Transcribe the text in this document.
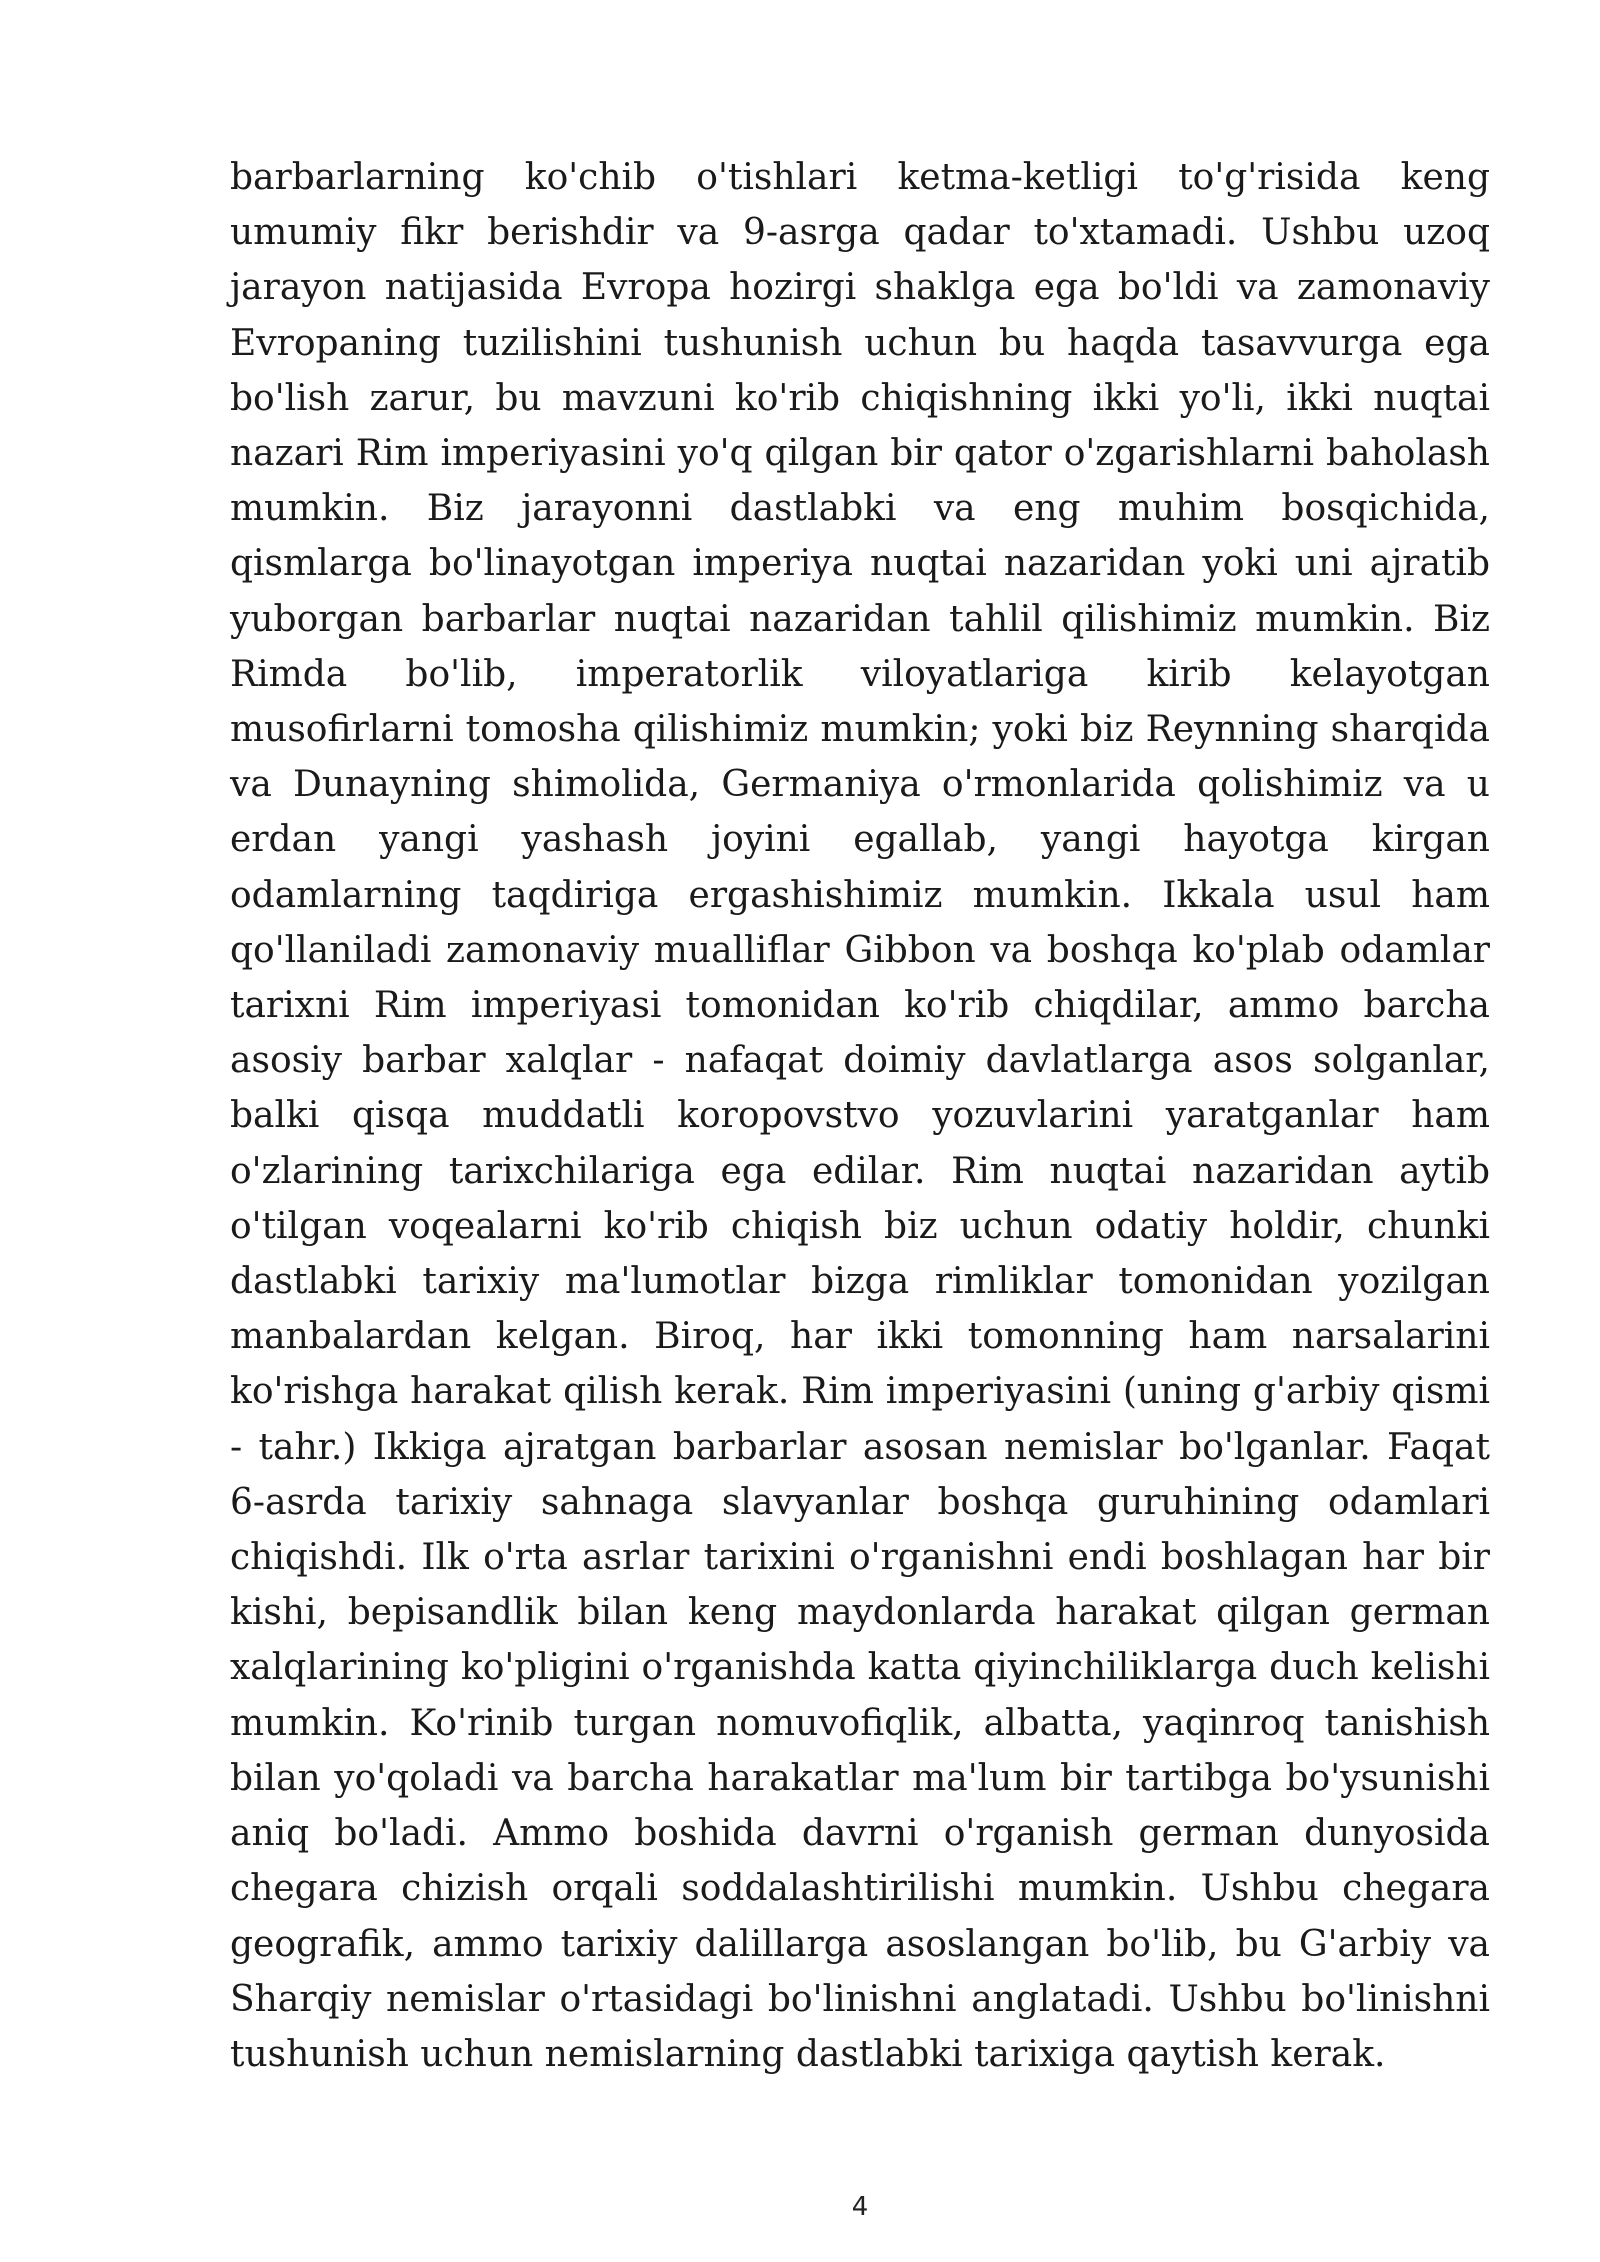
barbarlarning ko'chib o'tishlari ketma-ketligi to'g'risida keng umumiy fikr berishdir va 9-asrga qadar to'xtamadi. Ushbu uzoq jarayon natijasida Evropa hozirgi shaklga ega bo'ldi va zamonaviy Evropaning tuzilishini tushunish uchun bu haqda tasavvurga ega bo'lish zarur, bu mavzuni ko'rib chiqishning ikki yo'li, ikki nuqtai nazari Rim imperiyasini yo'q qilgan bir qator o'zgarishlarni baholash mumkin. Biz jarayonni dastlabki va eng muhim bosqichida, qismlarga bo'linayotgan imperiya nuqtai nazaridan yoki uni ajratib yuborgan barbarlar nuqtai nazaridan tahlil qilishimiz mumkin. Biz Rimda bo'lib, imperatorlik viloyatlariga kirib kelayotgan musofirlarni tomosha qilishimiz mumkin; yoki biz Reynning sharqida va Dunayning shimolida, Germaniya o'rmonlarida qolishimiz va u erdan yangi yashash joyini egallab, yangi hayotga kirgan odamlarning taqdiriga ergashishimiz mumkin. Ikkala usul ham qo'llaniladi zamonaviy mualliflar Gibbon va boshqa ko'plab odamlar tarixni Rim imperiyasi tomonidan ko'rib chiqdilar, ammo barcha asosiy barbar xalqlar - nafaqat doimiy davlatlarga asos solganlar, balki qisqa muddatli koropovstvo yozuvlarini yaratganlar ham o'zlarining tarixchilariga ega edilar. Rim nuqtai nazaridan aytib o'tilgan voqealarni ko'rib chiqish biz uchun odatiy holdir, chunki dastlabki tarixiy ma'lumotlar bizga rimliklar tomonidan yozilgan manbalardan kelgan. Biroq, har ikki tomonning ham narsalarini ko'rishga harakat qilish kerak. Rim imperiyasini (uning g'arbiy qismi - tahr.) Ikkiga ajratgan barbarlar asosan nemislar bo'lganlar. Faqat 6-asrda tarixiy sahnaga slavyanlar boshqa guruhining odamlari chiqishdi. Ilk o'rta asrlar tarixini o'rganishni endi boshlagan har bir kishi, bepisandlik bilan keng maydonlarda harakat qilgan german xalqlarining ko'pligini o'rganishda katta qiyinchiliklarga duch kelishi mumkin. Ko'rinib turgan nomuvofiqlik, albatta, yaqinroq tanishish bilan yo'qoladi va barcha harakatlar ma'lum bir tartibga bo'ysunishi aniq bo'ladi. Ammo boshida davrni o'rganish german dunyosida chegara chizish orqali soddalashtirilishi mumkin. Ushbu chegara geografik, ammo tarixiy dalillarga asoslangan bo'lib, bu G'arbiy va Sharqiy nemislar o'rtasidagi bo'linishni anglatadi. Ushbu bo'linishni tushunish uchun nemislarning dastlabki tarixiga qaytish kerak.

4
